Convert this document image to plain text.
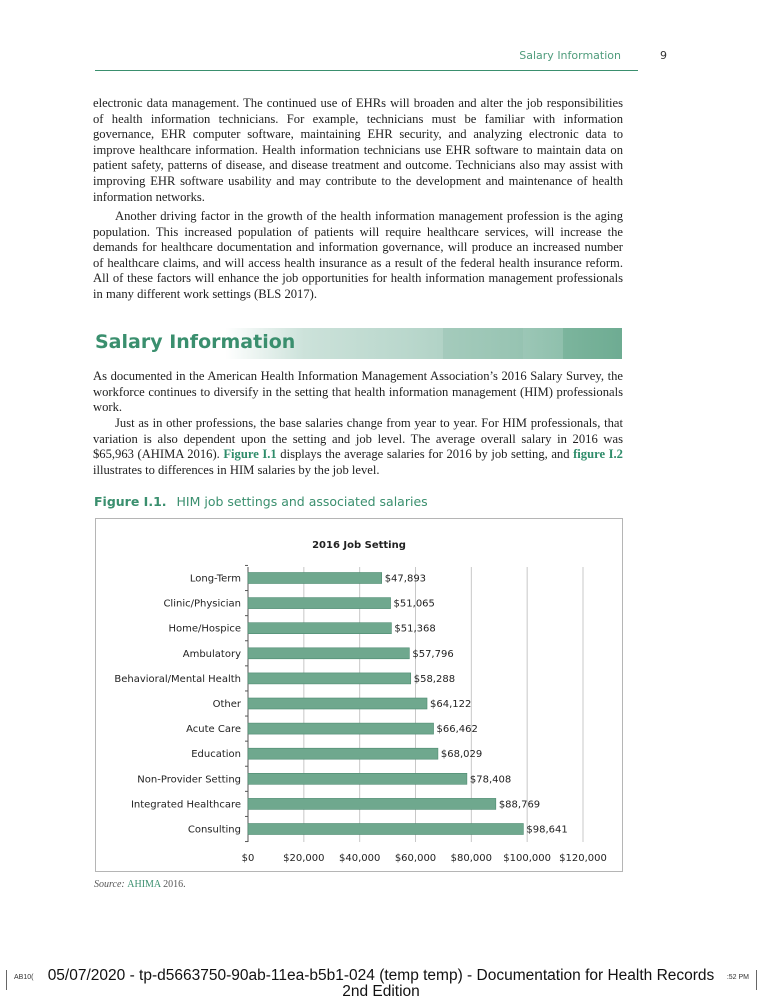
Salary Information	9

electronic data management. The continued use of EHRs will broaden and alter the job responsibilities of health information technicians. For example, technicians must be familiar with information governance, EHR computer software, maintaining EHR security, and analyzing electronic data to improve healthcare information. Health information technicians use EHR software to maintain data on patient safety, patterns of disease, and disease treatment and outcome. Technicians also may assist with improving EHR software usability and may contribute to the development and maintenance of health information networks.

Another driving factor in the growth of the health information management profession is the aging population. This increased population of patients will require healthcare services, will increase the demands for healthcare documentation and information governance, will produce an increased number of healthcare claims, and will access health insurance as a result of the federal health insurance reform. All of these factors will enhance the job opportunities for health information management professionals in many different work settings (BLS 2017).

Salary Information

As documented in the American Health Information Management Association’s 2016 Salary Survey, the workforce continues to diversify in the setting that health information management (HIM) professionals work.

Just as in other professions, the base salaries change from year to year. For HIM professionals, that variation is also dependent upon the setting and job level. The average overall salary in 2016 was $65,963 (AHIMA 2016). Figure I.1 displays the average salaries for 2016 by job setting, and figure I.2 illustrates to differences in HIM salaries by the job level.

Figure I.1. HIM job settings and associated salaries
2016 Job Setting
$0	$20,000 $40,000 $60,000 $80,000 $100,000 $120,000
Long-Term	$47,893
Clinic/Physician	$51,065
Home/Hospice	$51,368
Ambulatory	$57,796
Behavioral/Mental Health	$58,288
Other	$64,122
Acute Care	$66,462
Education	$68,029
Non-Provider Setting	$78,408
Integrated Healthcare	$88,769
Consulting	$98,641
Source: AHIMA 2016.
AB10( 05/07/2020 - tp-d5663750-90ab-11ea-b5b1-024 (temp temp) - Documentation for Health Records 2nd Edition
:52 PM
